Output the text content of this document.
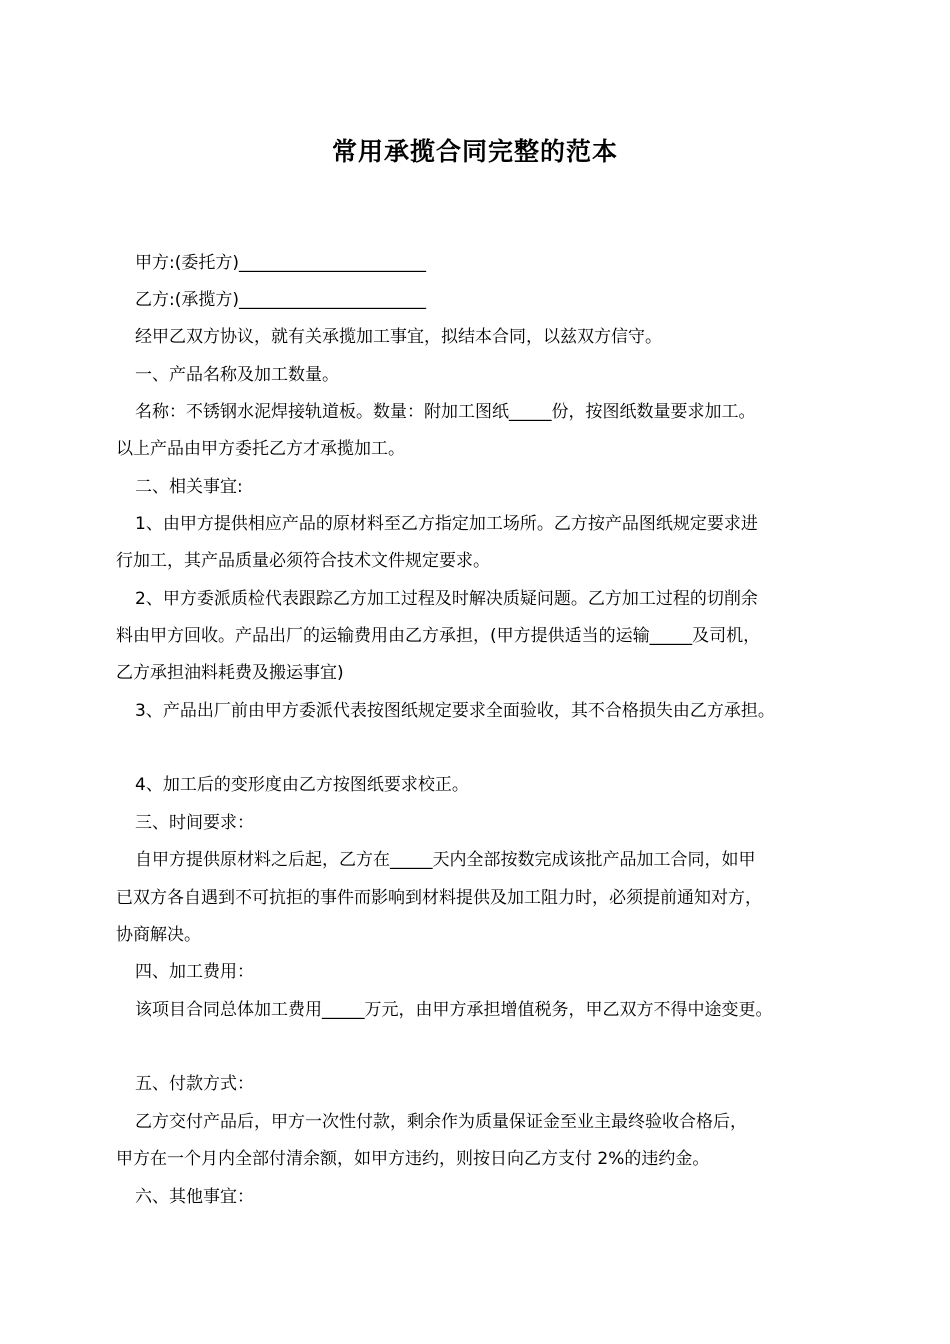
常用承揽合同完整的范本
甲方:(委托方)______________________
乙方:(承揽方)______________________
经甲乙双方协议，就有关承揽加工事宜，拟结本合同，以兹双方信守。
一、产品名称及加工数量。
名称：不锈钢水泥焊接轨道板。数量：附加工图纸_____份，按图纸数量要求加工。
以上产品由甲方委托乙方才承揽加工。
二、相关事宜:
1、由甲方提供相应产品的原材料至乙方指定加工场所。乙方按产品图纸规定要求进
行加工，其产品质量必须符合技术文件规定要求。
2、甲方委派质检代表跟踪乙方加工过程及时解决质疑问题。乙方加工过程的切削余
料由甲方回收。产品出厂的运输费用由乙方承担，(甲方提供适当的运输_____及司机，
乙方承担油料耗费及搬运事宜)
3、产品出厂前由甲方委派代表按图纸规定要求全面验收，其不合格损失由乙方承担。
4、加工后的变形度由乙方按图纸要求校正。
三、时间要求：
自甲方提供原材料之后起，乙方在_____天内全部按数完成该批产品加工合同，如甲
已双方各自遇到不可抗拒的事件而影响到材料提供及加工阻力时，必须提前通知对方，
协商解决。
四、加工费用：
该项目合同总体加工费用_____万元，由甲方承担增值税务，甲乙双方不得中途变更。
五、付款方式：
乙方交付产品后，甲方一次性付款，剩余作为质量保证金至业主最终验收合格后，
甲方在一个月内全部付清余额，如甲方违约，则按日向乙方支付 2%的违约金。
六、其他事宜：
